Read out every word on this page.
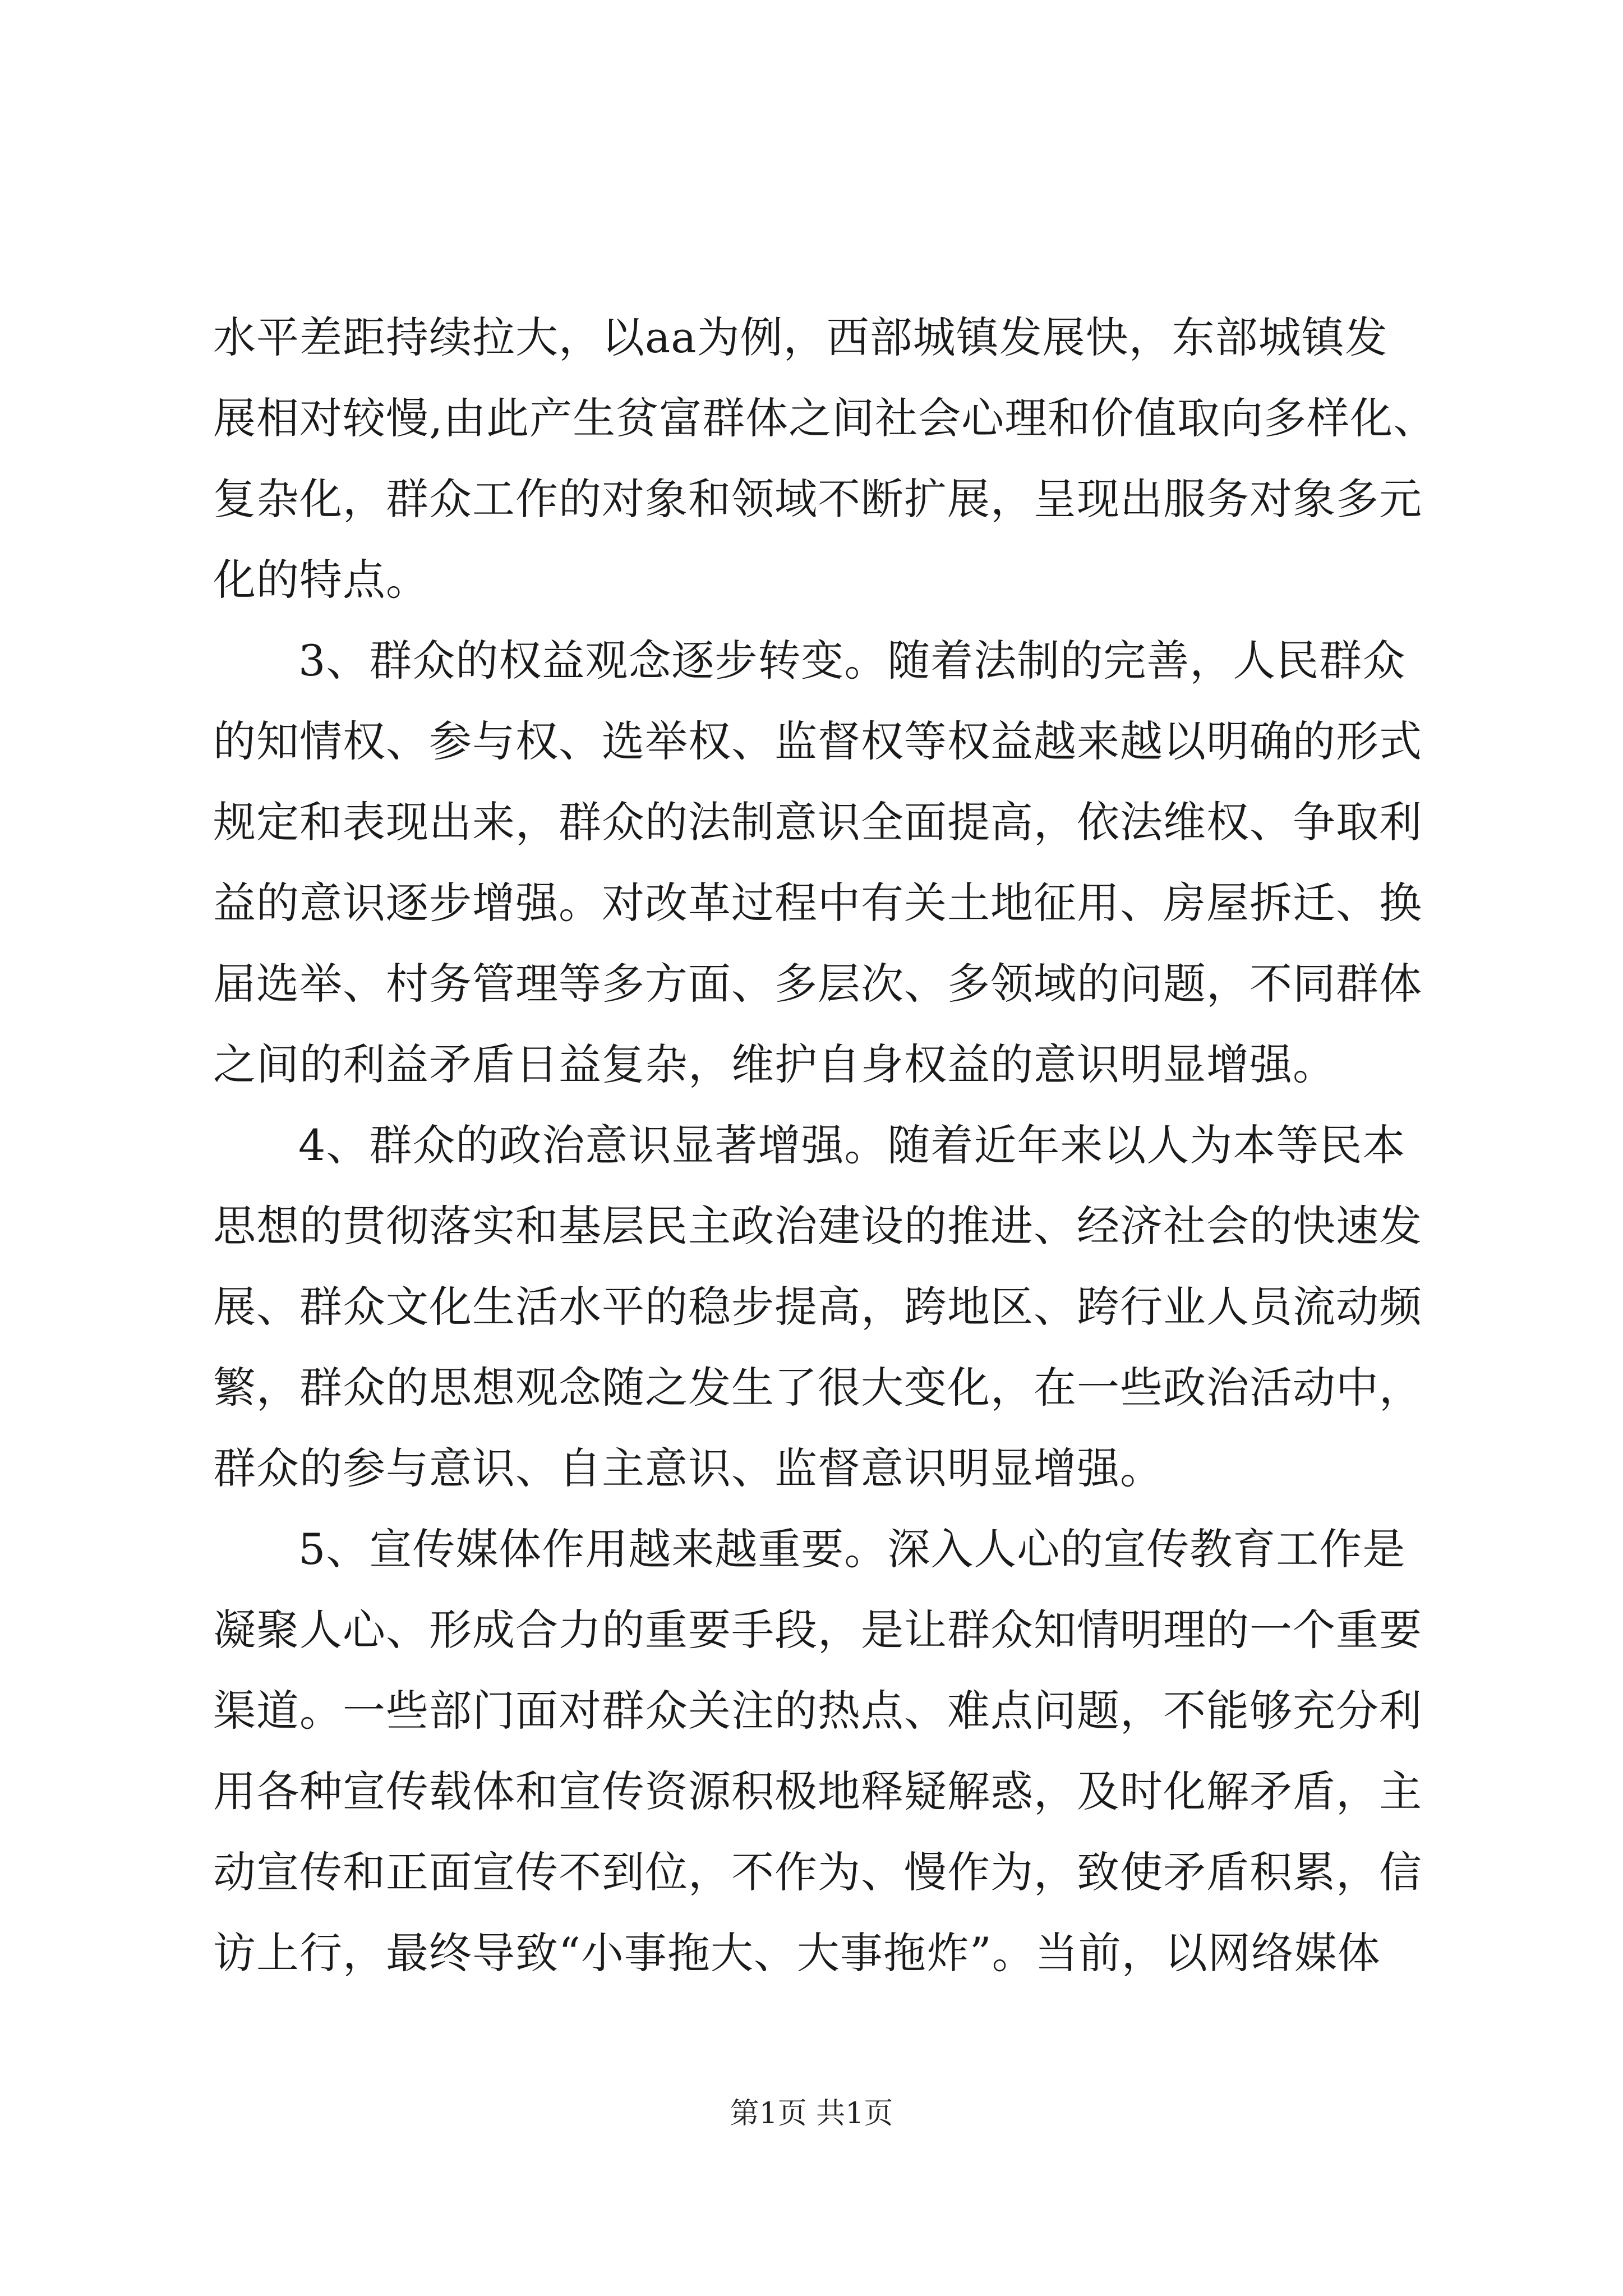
水平差距持续拉大，以aa为例，西部城镇发展快，东部城镇发
展相对较慢,由此产生贫富群体之间社会心理和价值取向多样化、
复杂化，群众工作的对象和领域不断扩展，呈现出服务对象多元
化的特点。
3、群众的权益观念逐步转变。随着法制的完善，人民群众
的知情权、参与权、选举权、监督权等权益越来越以明确的形式
规定和表现出来，群众的法制意识全面提高，依法维权、争取利
益的意识逐步增强。对改革过程中有关土地征用、房屋拆迁、换
届选举、村务管理等多方面、多层次、多领域的问题，不同群体
之间的利益矛盾日益复杂，维护自身权益的意识明显增强。
4、群众的政治意识显著增强。随着近年来以人为本等民本
思想的贯彻落实和基层民主政治建设的推进、经济社会的快速发
展、群众文化生活水平的稳步提高，跨地区、跨行业人员流动频
繁，群众的思想观念随之发生了很大变化，在一些政治活动中，
群众的参与意识、自主意识、监督意识明显增强。
5、宣传媒体作用越来越重要。深入人心的宣传教育工作是
凝聚人心、形成合力的重要手段，是让群众知情明理的一个重要
渠道。一些部门面对群众关注的热点、难点问题，不能够充分利
用各种宣传载体和宣传资源积极地释疑解惑，及时化解矛盾，主
动宣传和正面宣传不到位，不作为、慢作为，致使矛盾积累，信
访上行，最终导致“小事拖大、大事拖炸”。当前，以网络媒体
第1页 共1页
